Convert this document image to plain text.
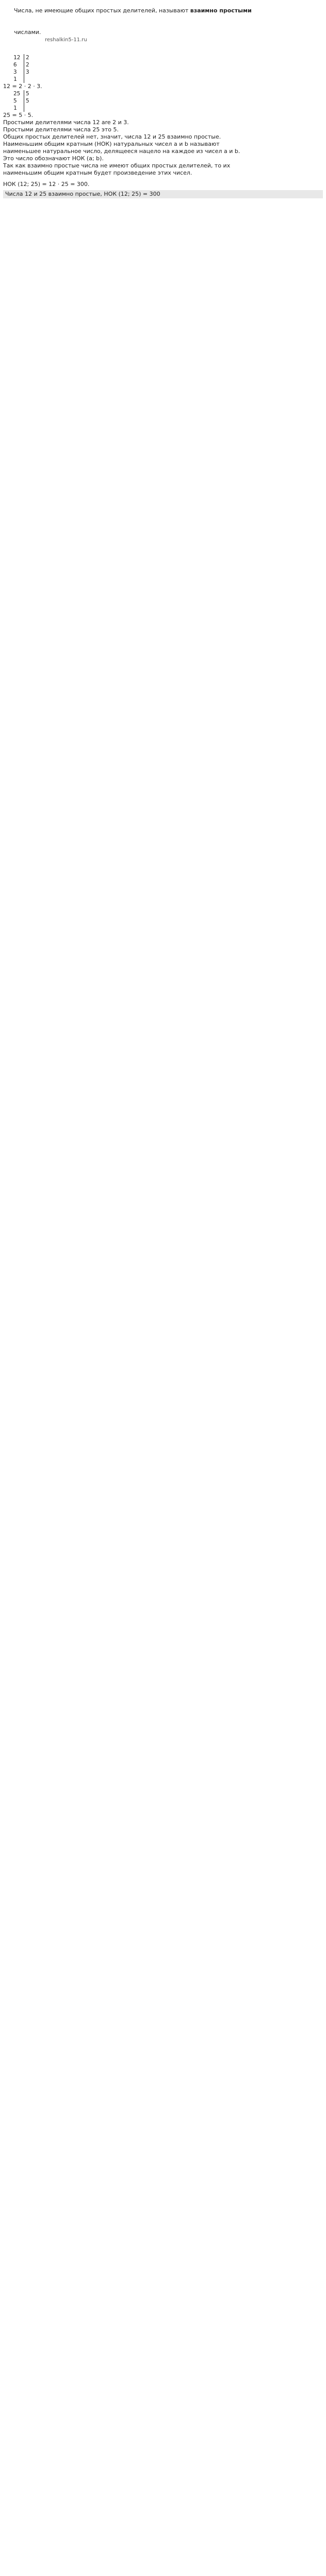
Числа, не имеющие общих простых делителей, называют взаимно простыми

числами.
reshalkin5-11.ru

12 2
6 2
3 3
1

12 = 2 · 2 · 3.

25 5
5 5
1

25 = 5 · 5.

Простыми делителями числа 12 are 2 и 3.

Простыми делителями числа 25 это 5.

Общих простых делителей нет, значит, числа 12 и 25 взаимно простые.

Наименьшим общим кратным (НОК) натуральных чисел a и b называют

наименьшее натуральное число, делящееся нацело на каждое из чисел a и b.

Это число обозначают НОК (a; b).

Так как взаимно простые числа не имеют общих простых делителей, то их

наименьшим общим кратным будет произведение этих чисел.

НОК (12; 25) = 12 · 25 = 300.

Числа 12 и 25 взаимно простые, НОК (12; 25) = 300
